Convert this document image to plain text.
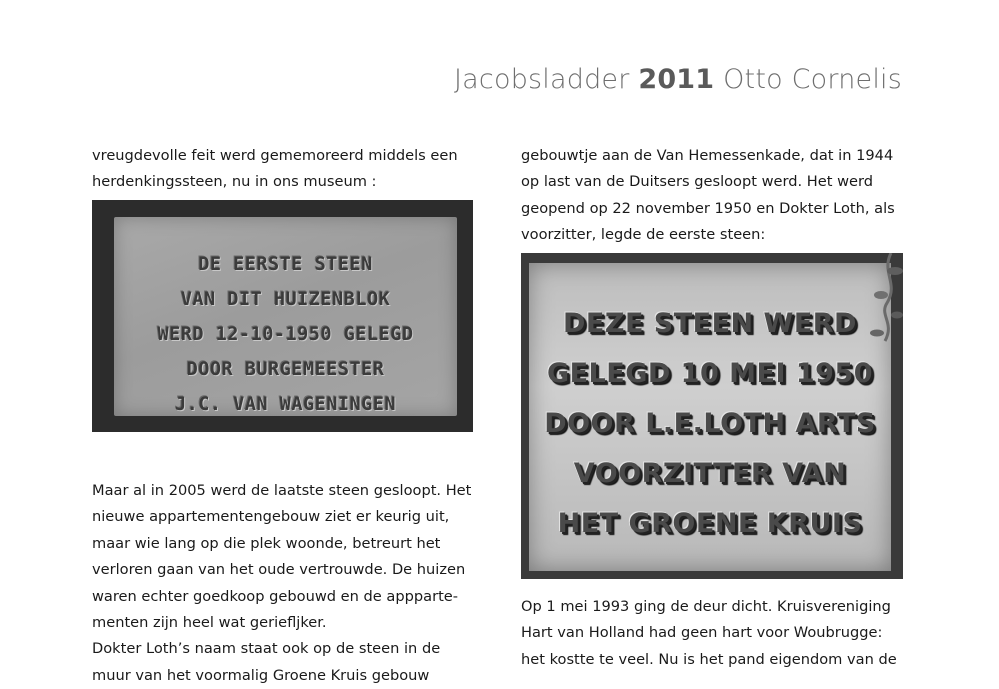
Jacobsladder 2011 Otto Cornelis

vreugdevolle feit werd gememoreerd middels een

herdenkingssteen, nu in ons museum :

DE EERSTE STEEN
VAN DIT HUIZENBLOK
WERD 12-10-1950 GELEGD
DOOR BURGEMEESTER
J.C. VAN WAGENINGEN

Maar al in 2005 werd de laatste steen gesloopt. Het

nieuwe appartementengebouw ziet er keurig uit,

maar wie lang op die plek woonde, betreurt het

verloren gaan van het oude vertrouwde. De huizen

waren echter goedkoop gebouwd en de appparte-

menten zijn heel wat geriefljker.

Dokter Loth’s naam staat ook op de steen in de

muur van het voormalig Groene Kruis gebouw

gebouwtje aan de Van Hemessenkade, dat in 1944

op last van de Duitsers gesloopt werd. Het werd

geopend op 22 november 1950 en Dokter Loth, als

voorzitter, legde de eerste steen:

DEZE STEEN WERD
GELEGD 10 MEI 1950
DOOR L.E.LOTH ARTS
VOORZITTER VAN
HET GROENE KRUIS

Op 1 mei 1993 ging de deur dicht. Kruisvereniging

Hart van Holland had geen hart voor Woubrugge:

het kostte te veel. Nu is het pand eigendom van de
